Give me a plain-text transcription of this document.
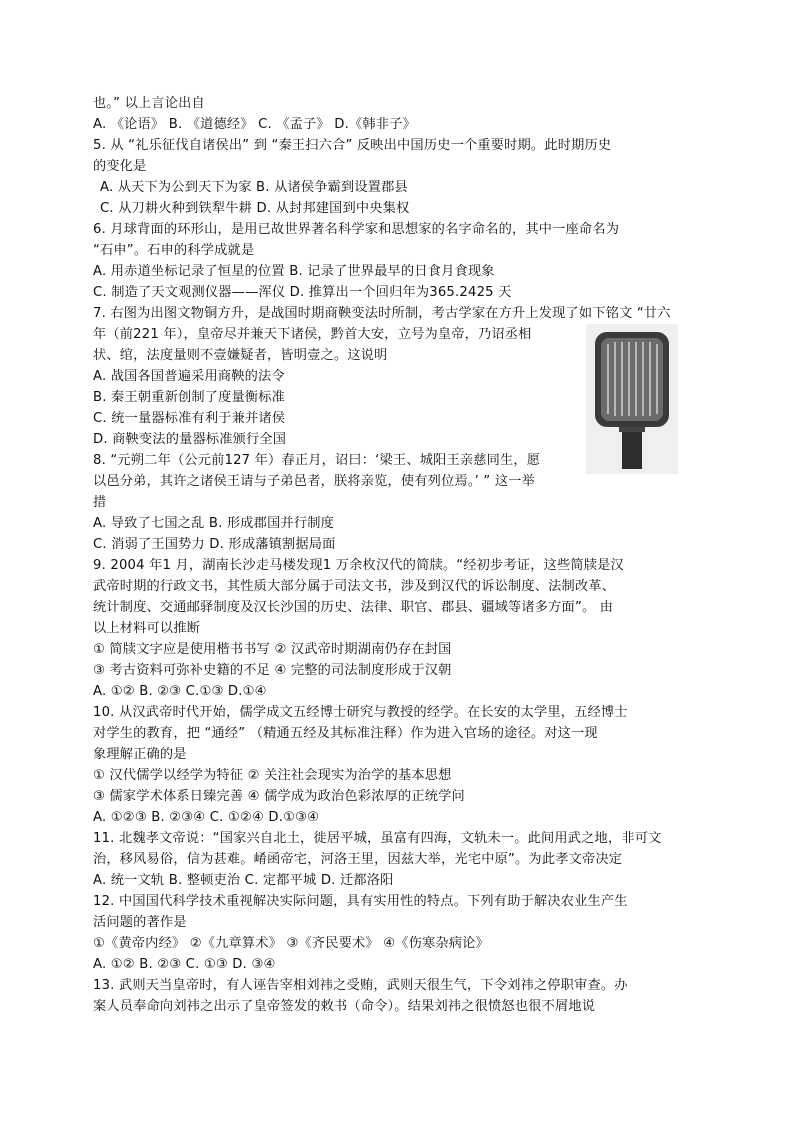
也。” 以上言论出自
A. 《论语》 B. 《道德经》 C. 《孟子》 D.《韩非子》
5. 从 “礼乐征伐自诸侯出” 到 “秦王扫六合” 反映出中国历史一个重要时期。此时期历史
的变化是
A. 从天下为公到天下为家 B. 从诸侯争霸到设置郡县
C. 从刀耕火种到铁犁牛耕 D. 从封邦建国到中央集权
6. 月球背面的环形山，是用已故世界著名科学家和思想家的名字命名的，其中一座命名为
“石申”。石申的科学成就是
A. 用赤道坐标记录了恒星的位置 B. 记录了世界最早的日食月食现象
C. 制造了天文观测仪器——浑仪 D. 推算出一个回归年为365.2425 天
7. 右图为出图文物铜方升，是战国时期商鞅变法时所制，考古学家在方升上发现了如下铭文 “廿六
年（前221 年），皇帝尽并兼天下诸侯，黔首大安，立号为皇帝，乃诏丞相
状、绾，法度量则不壹嫌疑者，皆明壹之。这说明
A. 战国各国普遍采用商鞅的法令
B. 秦王朝重新创制了度量衡标准
C. 统一量器标准有利于兼并诸侯
D. 商鞅变法的量器标准颁行全国
8. “元朔二年（公元前127 年）春正月，诏曰：‘梁王、城阳王亲慈同生，愿
以邑分弟，其许之诸侯王请与子弟邑者，朕将亲览，使有列位焉。’ ” 这一举
措
A. 导致了七国之乱 B. 形成郡国并行制度
C. 消弱了王国势力 D. 形成藩镇割据局面
9. 2004 年1 月，湖南长沙走马楼发现1 万余枚汉代的简牍。“经初步考证，这些简牍是汉
武帝时期的行政文书，其性质大部分属于司法文书，涉及到汉代的诉讼制度、法制改革、
统计制度、交通邮驿制度及汉长沙国的历史、法律、职官、郡县、疆域等诸多方面”。 由
以上材料可以推断
① 简牍文字应是使用楷书书写 ② 汉武帝时期湖南仍存在封国
③ 考古资料可弥补史籍的不足 ④ 完整的司法制度形成于汉朝
A. ①② B. ②③ C.①③ D.①④
10. 从汉武帝时代开始，儒学成文五经博士研究与教授的经学。在长安的太学里，五经博士
对学生的教育，把 “通经” （精通五经及其标准注释）作为进入官场的途径。对这一现
象理解正确的是
① 汉代儒学以经学为特征 ② 关注社会现实为治学的基本思想
③ 儒家学术体系日臻完善 ④ 儒学成为政治色彩浓厚的正统学问
A. ①②③ B. ②③④ C. ①②④ D.①③④
11. 北魏孝文帝说：“国家兴自北土，徙居平城，虽富有四海，文轨未一。此间用武之地，非可文
治，移风易俗，信为甚难。崤函帝宅，河洛王里，因兹大举，光宅中原”。为此孝文帝决定
A. 统一文轨 B. 整顿吏治 C. 定都平城 D. 迁都洛阳
12. 中国国代科学技术重视解决实际问题，具有实用性的特点。下列有助于解决农业生产生
活问题的著作是
①《黄帝内经》 ②《九章算术》 ③《齐民要术》 ④《伤寒杂病论》
A. ①② B. ②③ C. ①③ D. ③④
13. 武则天当皇帝时，有人诬告宰相刘祎之受贿，武则天很生气，下令刘祎之停职审查。办
案人员奉命向刘祎之出示了皇帝签发的敕书（命令）。结果刘祎之很愤怒也很不屑地说
